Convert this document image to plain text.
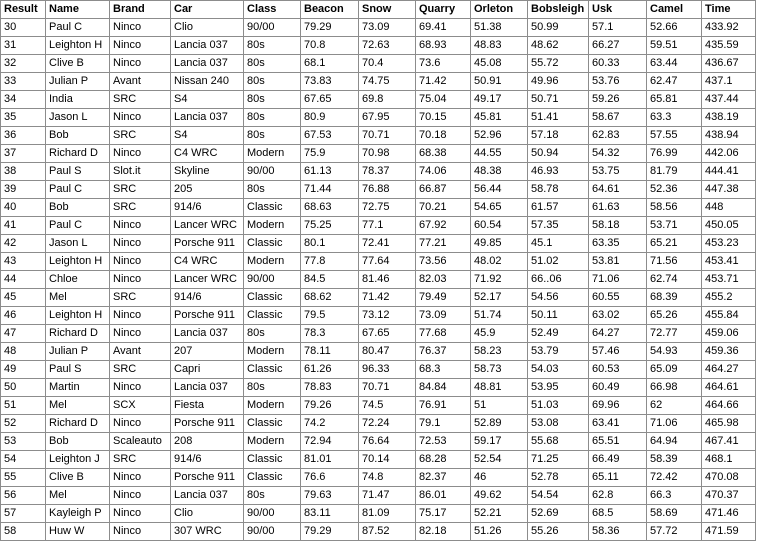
Result	Name	Brand	Car	Class	Beacon	Snow	Quarry	Orleton	Bobsleigh	Usk	Camel	Time
30	Paul C	Ninco	Clio	90/00	79.29	73.09	69.41	51.38	50.99	57.1	52.66	433.92
31	Leighton H	Ninco	Lancia 037	80s	70.8	72.63	68.93	48.83	48.62	66.27	59.51	435.59
32	Clive B	Ninco	Lancia 037	80s	68.1	70.4	73.6	45.08	55.72	60.33	63.44	436.67
33	Julian P	Avant	Nissan 240	80s	73.83	74.75	71.42	50.91	49.96	53.76	62.47	437.1
34	India	SRC	S4	80s	67.65	69.8	75.04	49.17	50.71	59.26	65.81	437.44
35	Jason L	Ninco	Lancia 037	80s	80.9	67.95	70.15	45.81	51.41	58.67	63.3	438.19
36	Bob	SRC	S4	80s	67.53	70.71	70.18	52.96	57.18	62.83	57.55	438.94
37	Richard D	Ninco	C4 WRC	Modern	75.9	70.98	68.38	44.55	50.94	54.32	76.99	442.06
38	Paul S	Slot.it	Skyline	90/00	61.13	78.37	74.06	48.38	46.93	53.75	81.79	444.41
39	Paul C	SRC	205	80s	71.44	76.88	66.87	56.44	58.78	64.61	52.36	447.38
40	Bob	SRC	914/6	Classic	68.63	72.75	70.21	54.65	61.57	61.63	58.56	448
41	Paul C	Ninco	Lancer WRC	Modern	75.25	77.1	67.92	60.54	57.35	58.18	53.71	450.05
42	Jason L	Ninco	Porsche 911	Classic	80.1	72.41	77.21	49.85	45.1	63.35	65.21	453.23
43	Leighton H	Ninco	C4 WRC	Modern	77.8	77.64	73.56	48.02	51.02	53.81	71.56	453.41
44	Chloe	Ninco	Lancer WRC	90/00	84.5	81.46	82.03	71.92	66..06	71.06	62.74	453.71
45	Mel	SRC	914/6	Classic	68.62	71.42	79.49	52.17	54.56	60.55	68.39	455.2
46	Leighton H	Ninco	Porsche 911	Classic	79.5	73.12	73.09	51.74	50.11	63.02	65.26	455.84
47	Richard D	Ninco	Lancia 037	80s	78.3	67.65	77.68	45.9	52.49	64.27	72.77	459.06
48	Julian P	Avant	207	Modern	78.11	80.47	76.37	58.23	53.79	57.46	54.93	459.36
49	Paul S	SRC	Capri	Classic	61.26	96.33	68.3	58.73	54.03	60.53	65.09	464.27
50	Martin	Ninco	Lancia 037	80s	78.83	70.71	84.84	48.81	53.95	60.49	66.98	464.61
51	Mel	SCX	Fiesta	Modern	79.26	74.5	76.91	51	51.03	69.96	62	464.66
52	Richard D	Ninco	Porsche 911	Classic	74.2	72.24	79.1	52.89	53.08	63.41	71.06	465.98
53	Bob	Scaleauto	208	Modern	72.94	76.64	72.53	59.17	55.68	65.51	64.94	467.41
54	Leighton J	SRC	914/6	Classic	81.01	70.14	68.28	52.54	71.25	66.49	58.39	468.1
55	Clive B	Ninco	Porsche 911	Classic	76.6	74.8	82.37	46	52.78	65.11	72.42	470.08
56	Mel	Ninco	Lancia 037	80s	79.63	71.47	86.01	49.62	54.54	62.8	66.3	470.37
57	Kayleigh P	Ninco	Clio	90/00	83.11	81.09	75.17	52.21	52.69	68.5	58.69	471.46
58	Huw W	Ninco	307 WRC	90/00	79.29	87.52	82.18	51.26	55.26	58.36	57.72	471.59
